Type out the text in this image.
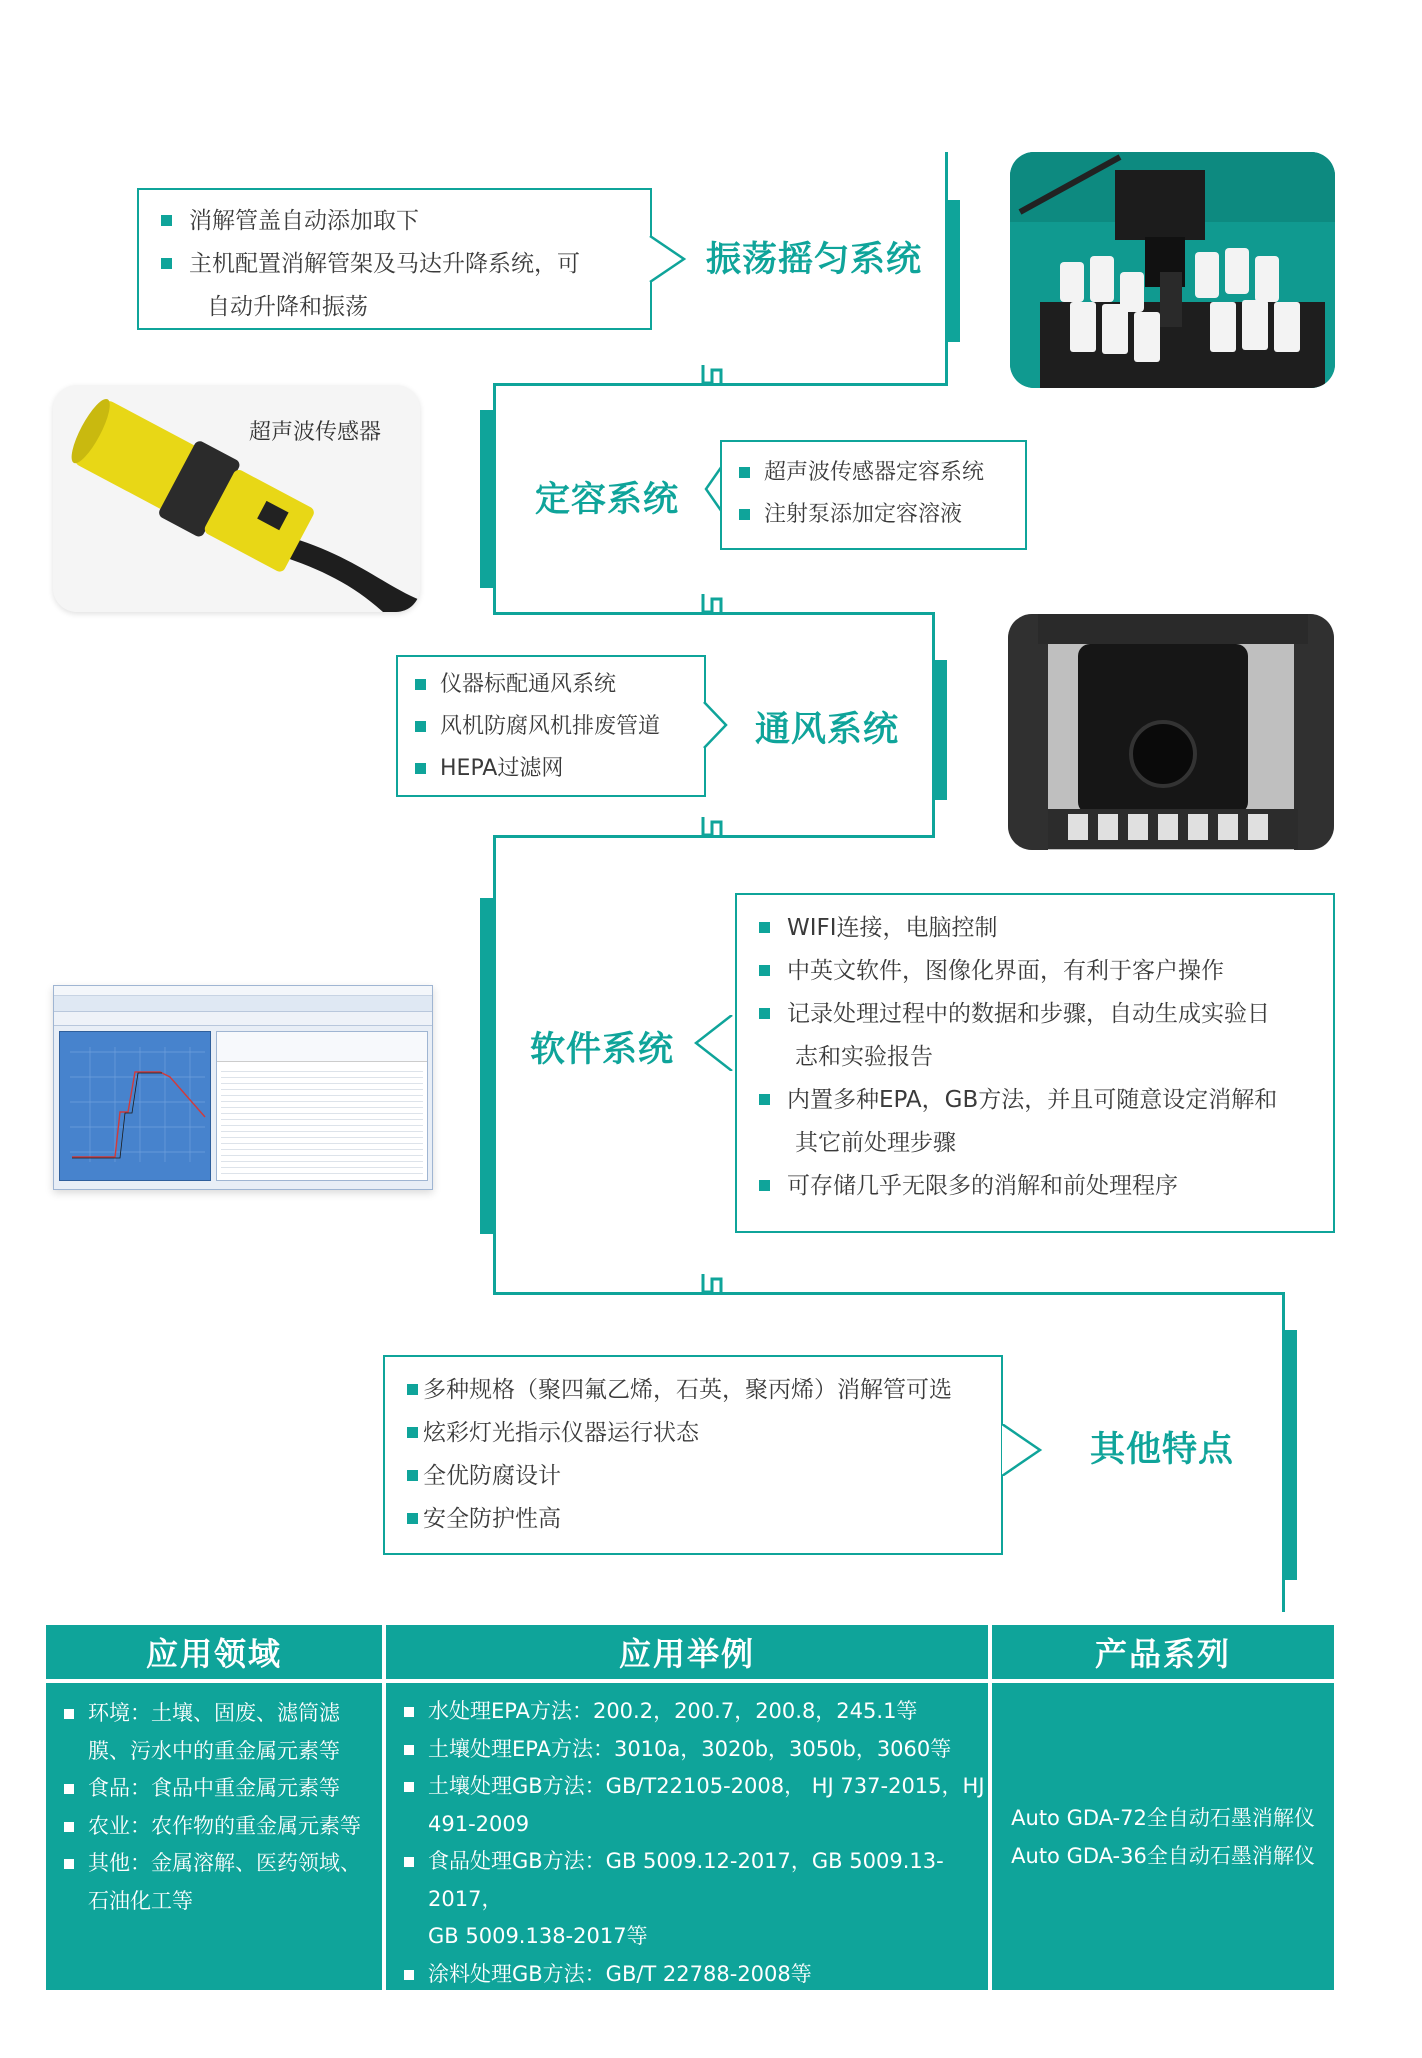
消解管盖自动添加取下
主机配置消解管架及马达升降系统，可
自动升降和振荡
振荡摇匀系统
超声波传感器
定容系统
超声波传感器定容系统
注射泵添加定容溶液
仪器标配通风系统
风机防腐风机排废管道
HEPA过滤网
通风系统
软件系统
WIFI连接，电脑控制
中英文软件，图像化界面，有利于客户操作
记录处理过程中的数据和步骤，自动生成实验日
志和实验报告
内置多种EPA，GB方法，并且可随意设定消解和
其它前处理步骤
可存储几乎无限多的消解和前处理程序
多种规格（聚四氟乙烯，石英，聚丙烯）消解管可选
炫彩灯光指示仪器运行状态
全优防腐设计
安全防护性高
其他特点
应用领域	应用举例	产品系列
环境：土壤、固废、滤筒滤
膜、污水中的重金属元素等
食品：食品中重金属元素等
农业：农作物的重金属元素等
其他：金属溶解、医药领域、
石油化工等
水处理EPA方法：200.2，200.7，200.8，245.1等
土壤处理EPA方法：3010a，3020b，3050b，3060等
土壤处理GB方法：GB/T22105-2008， HJ 737-2015，HJ
491-2009
食品处理GB方法：GB 5009.12-2017，GB 5009.13-2017，
GB 5009.138-2017等
涂料处理GB方法：GB/T 22788-2008等
电子产品处理方法：SJ/T 11365-2006等
Auto GDA-72全自动石墨消解仪
Auto GDA-36全自动石墨消解仪
